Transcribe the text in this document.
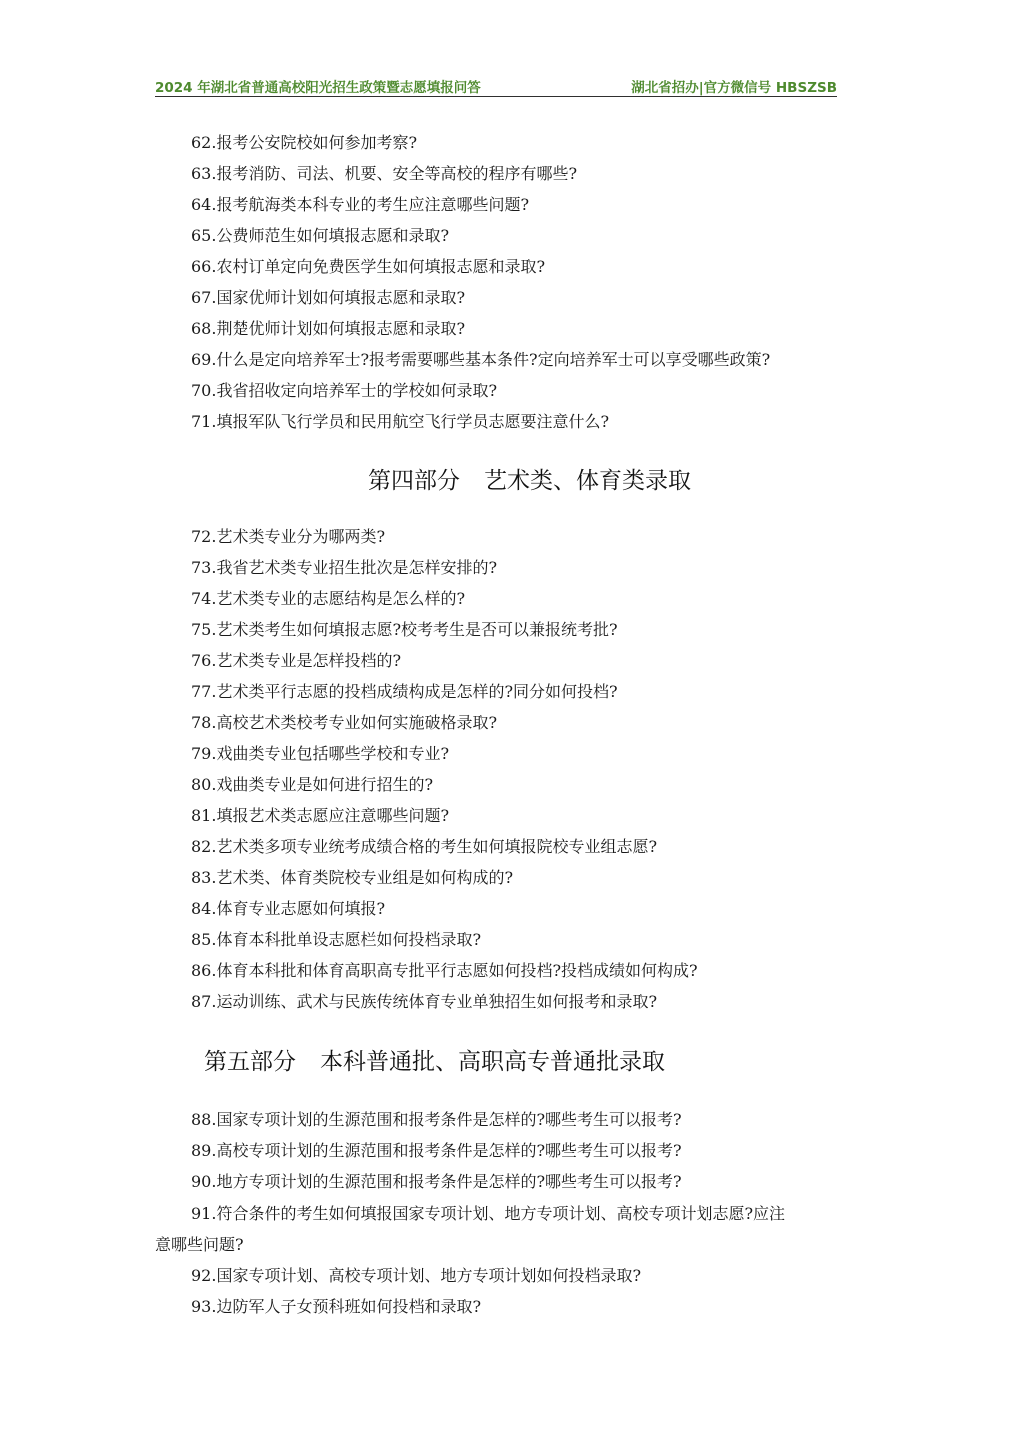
2024 年湖北省普通高校阳光招生政策暨志愿填报问答	湖北省招办|官方微信号 HBSZSB
62.报考公安院校如何参加考察?
63.报考消防、司法、机要、安全等高校的程序有哪些?
64.报考航海类本科专业的考生应注意哪些问题?
65.公费师范生如何填报志愿和录取?
66.农村订单定向免费医学生如何填报志愿和录取?
67.国家优师计划如何填报志愿和录取?
68.荆楚优师计划如何填报志愿和录取?
69.什么是定向培养军士?报考需要哪些基本条件?定向培养军士可以享受哪些政策?
70.我省招收定向培养军士的学校如何录取?
71.填报军队飞行学员和民用航空飞行学员志愿要注意什么?
第四部分 艺术类、体育类录取
72.艺术类专业分为哪两类?
73.我省艺术类专业招生批次是怎样安排的?
74.艺术类专业的志愿结构是怎么样的?
75.艺术类考生如何填报志愿?校考考生是否可以兼报统考批?
76.艺术类专业是怎样投档的?
77.艺术类平行志愿的投档成绩构成是怎样的?同分如何投档?
78.高校艺术类校考专业如何实施破格录取?
79.戏曲类专业包括哪些学校和专业?
80.戏曲类专业是如何进行招生的?
81.填报艺术类志愿应注意哪些问题?
82.艺术类多项专业统考成绩合格的考生如何填报院校专业组志愿?
83.艺术类、体育类院校专业组是如何构成的?
84.体育专业志愿如何填报?
85.体育本科批单设志愿栏如何投档录取?
86.体育本科批和体育高职高专批平行志愿如何投档?投档成绩如何构成?
87.运动训练、武术与民族传统体育专业单独招生如何报考和录取?
第五部分 本科普通批、高职高专普通批录取
88.国家专项计划的生源范围和报考条件是怎样的?哪些考生可以报考?
89.高校专项计划的生源范围和报考条件是怎样的?哪些考生可以报考?
90.地方专项计划的生源范围和报考条件是怎样的?哪些考生可以报考?
91.符合条件的考生如何填报国家专项计划、地方专项计划、高校专项计划志愿?应注
意哪些问题?
92.国家专项计划、高校专项计划、地方专项计划如何投档录取?
93.边防军人子女预科班如何投档和录取?
